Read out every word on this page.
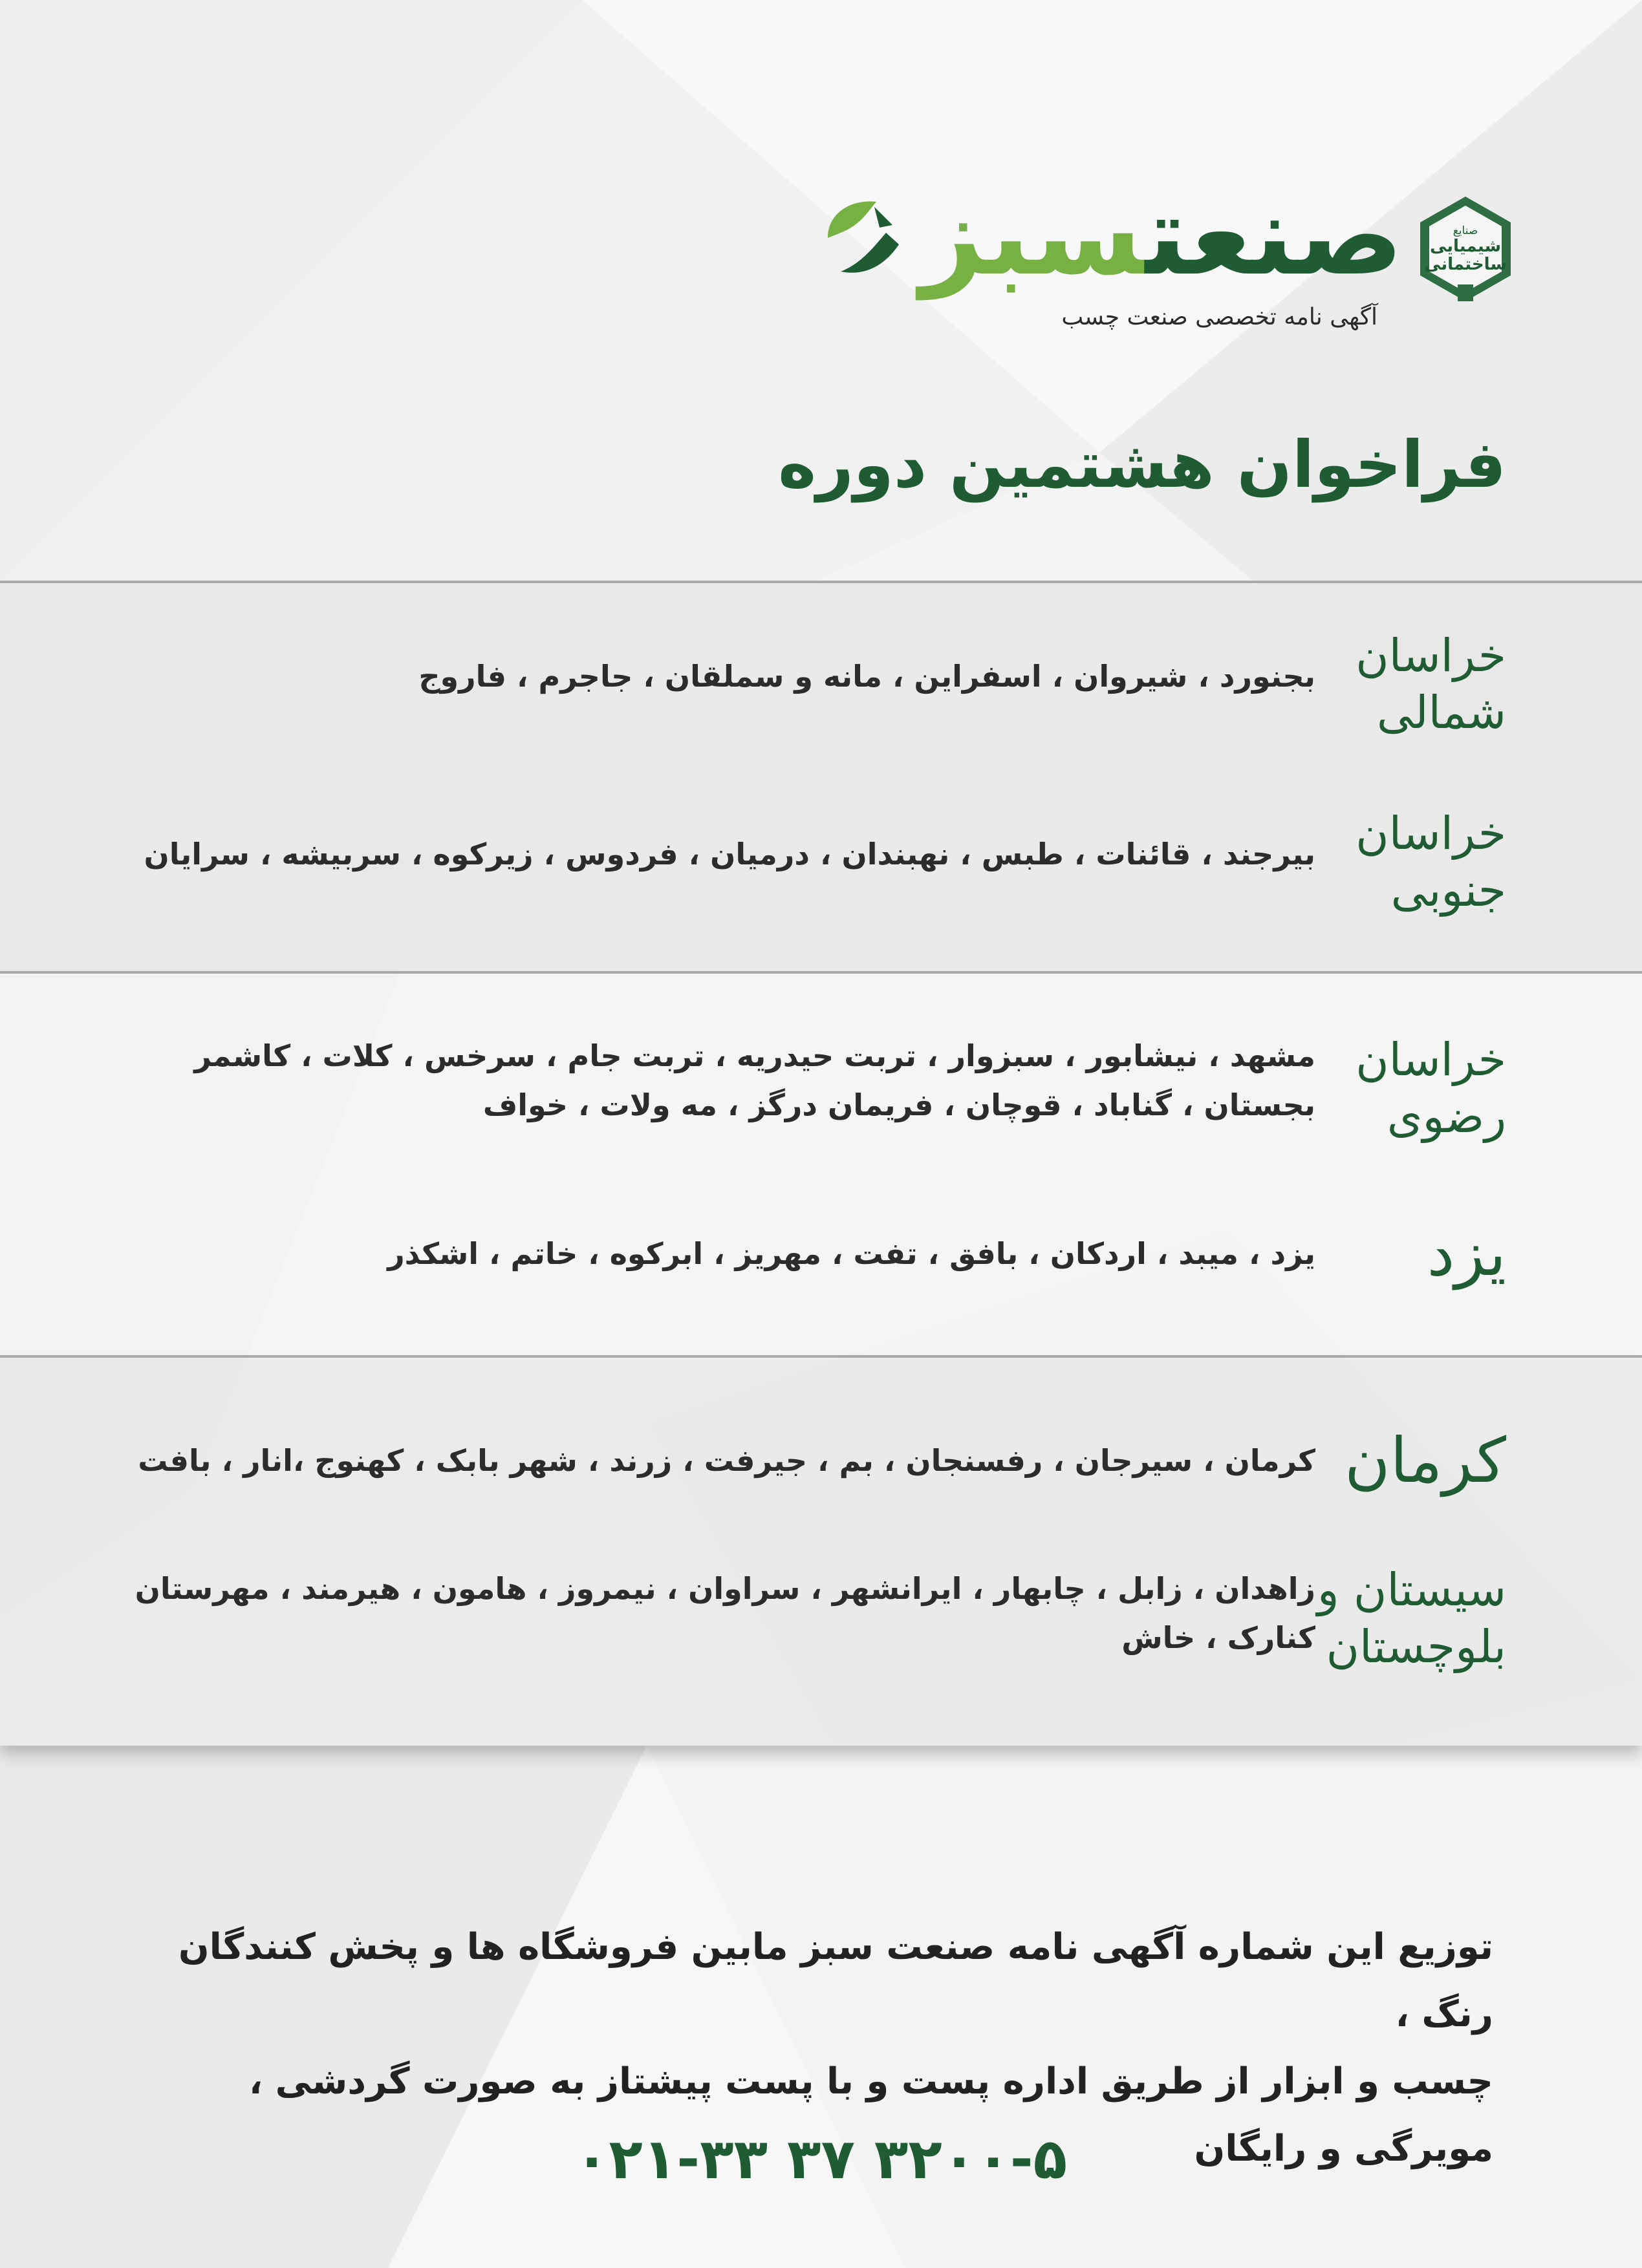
صنایع
شیمیایی
ساختمانی
صنعتسبز
آگهی نامه تخصصی صنعت چسب
فراخوان هشتمین دوره
خراسان
شمالی
بجنورد ، شیروان ، اسفراین ، مانه و سملقان ، جاجرم ، فاروج
خراسان
جنوبی
بیرجند ، قائنات ، طبس ، نهبندان ، درمیان ، فردوس ، زیرکوه ، سربیشه ، سرایان
خراسان
رضوی
مشهد ، نیشابور ، سبزوار ، تربت حیدریه ، تربت جام ، سرخس ، کلات ، کاشمر
بجستان ، گناباد ، قوچان ، فریمان درگز ، مه ولات ، خواف
یزد
یزد ، میبد ، اردکان ، بافق ، تفت ، مهریز ، ابرکوه ، خاتم ، اشکذر
کرمان
کرمان ، سیرجان ، رفسنجان ، بم ، جیرفت ، زرند ، شهر بابک ، کهنوج ،انار ، بافت
سیستان و
بلوچستان
زاهدان ، زابل ، چابهار ، ایرانشهر ، سراوان ، نیمروز ، هامون ، هیرمند ، مهرستان
کنارک ، خاش
توزیع این شماره آگهی نامه صنعت سبز مابین فروشگاه ها و پخش کنندگان رنگ ،
چسب و ابزار از طریق اداره پست و با پست پیشتاز به صورت گردشی ، مویرگی و رایگان
۰۲۱-۳۳ ۳۷ ۳۲۰۰-۵
